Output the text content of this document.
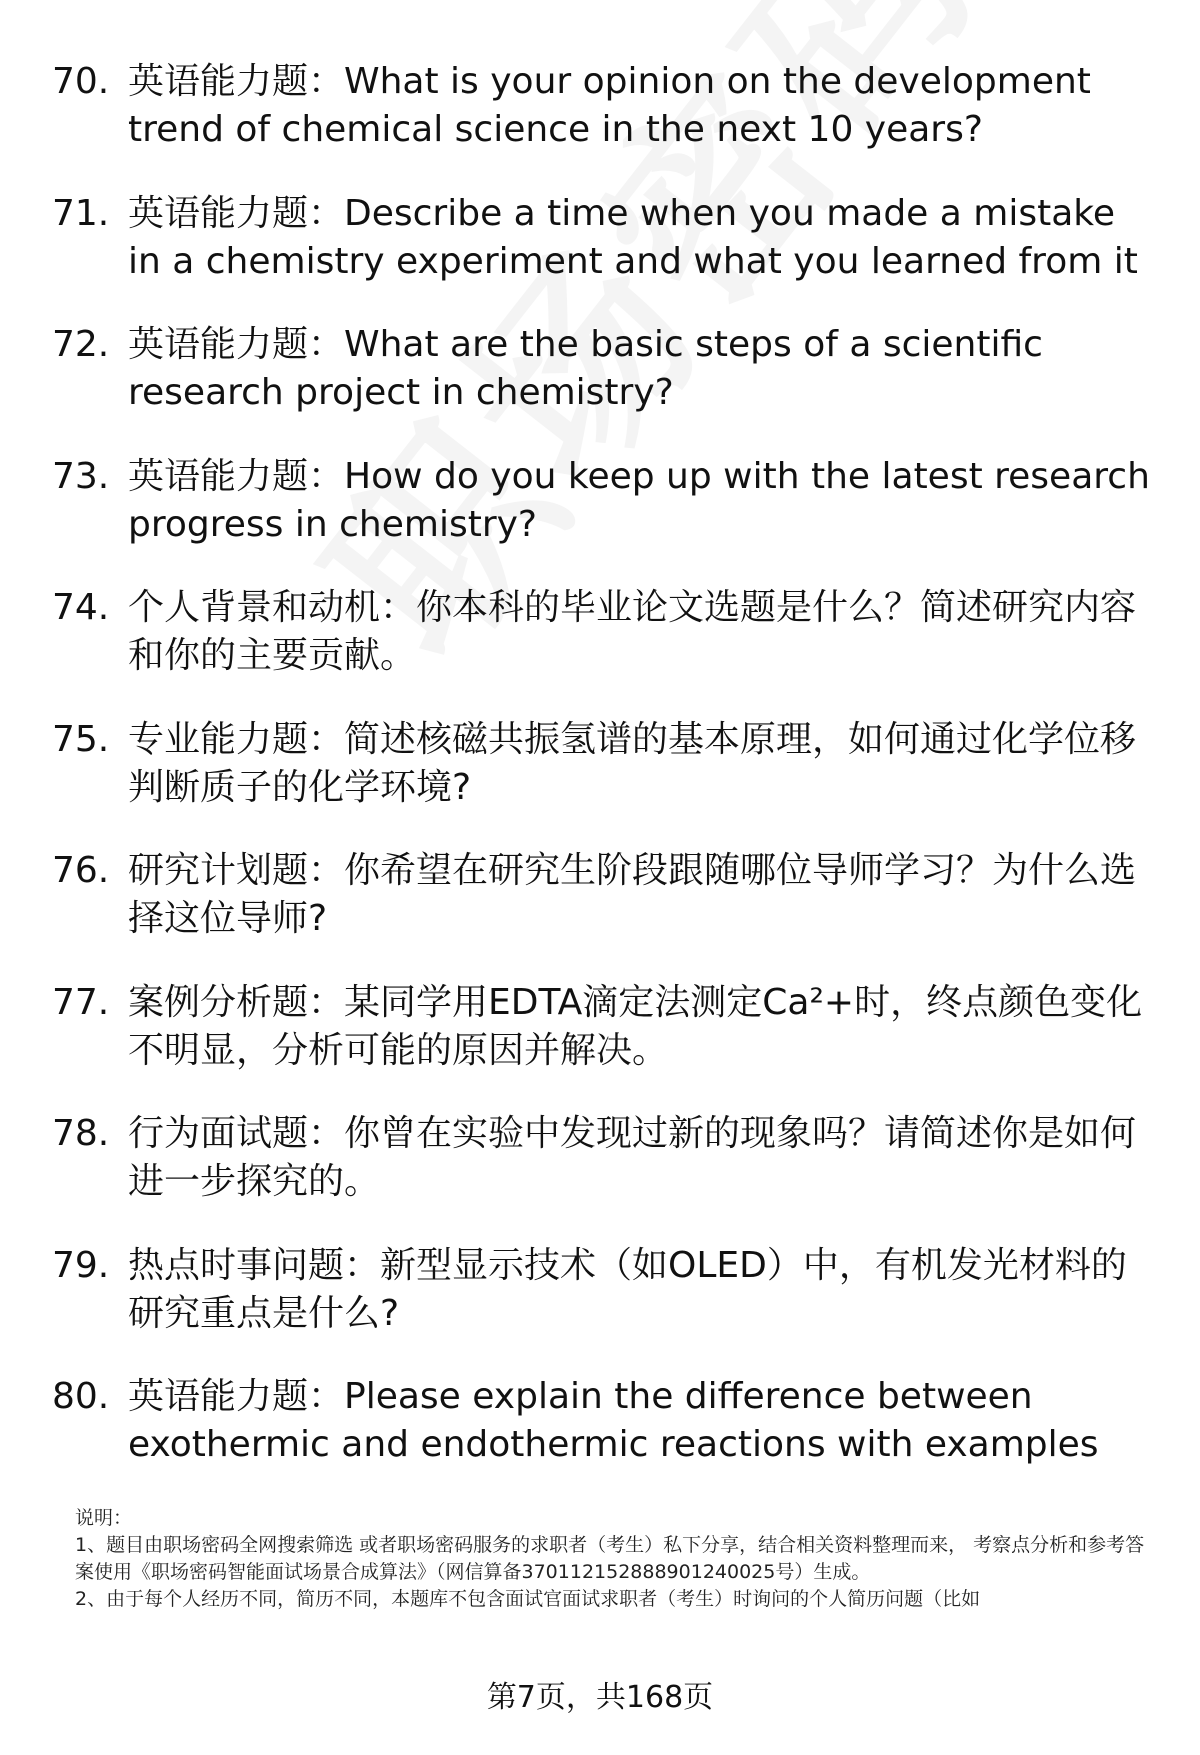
70. 英语能力题：What is your opinion on the development trend of chemical science in the next 10 years?
71. 英语能力题：Describe a time when you made a mistake in a chemistry experiment and what you learned from it
72. 英语能力题：What are the basic steps of a scientific research project in chemistry?
73. 英语能力题：How do you keep up with the latest research progress in chemistry?
74. 个人背景和动机：你本科的毕业论文选题是什么？简述研究内容和你的主要贡献。
75. 专业能力题：简述核磁共振氢谱的基本原理，如何通过化学位移判断质子的化学环境?
76. 研究计划题：你希望在研究生阶段跟随哪位导师学习？为什么选择这位导师?
77. 案例分析题：某同学用EDTA滴定法测定Ca²+时，终点颜色变化不明显，分析可能的原因并解决。
78. 行为面试题：你曾在实验中发现过新的现象吗？请简述你是如何进一步探究的。
79. 热点时事问题：新型显示技术（如OLED）中，有机发光材料的研究重点是什么?
80. 英语能力题：Please explain the difference between exothermic and endothermic reactions with examples

说明：

1、题目由职场密码全网搜索筛选 或者职场密码服务的求职者（考生）私下分享，结合相关资料整理而来， 考察点分析和参考答案使用《职场密码智能面试场景合成算法》（网信算备370112152888901240025号）生成。

2、由于每个人经历不同，简历不同，本题库不包含面试官面试求职者（考生）时询问的个人简历问题（比如

第7页，共168页
